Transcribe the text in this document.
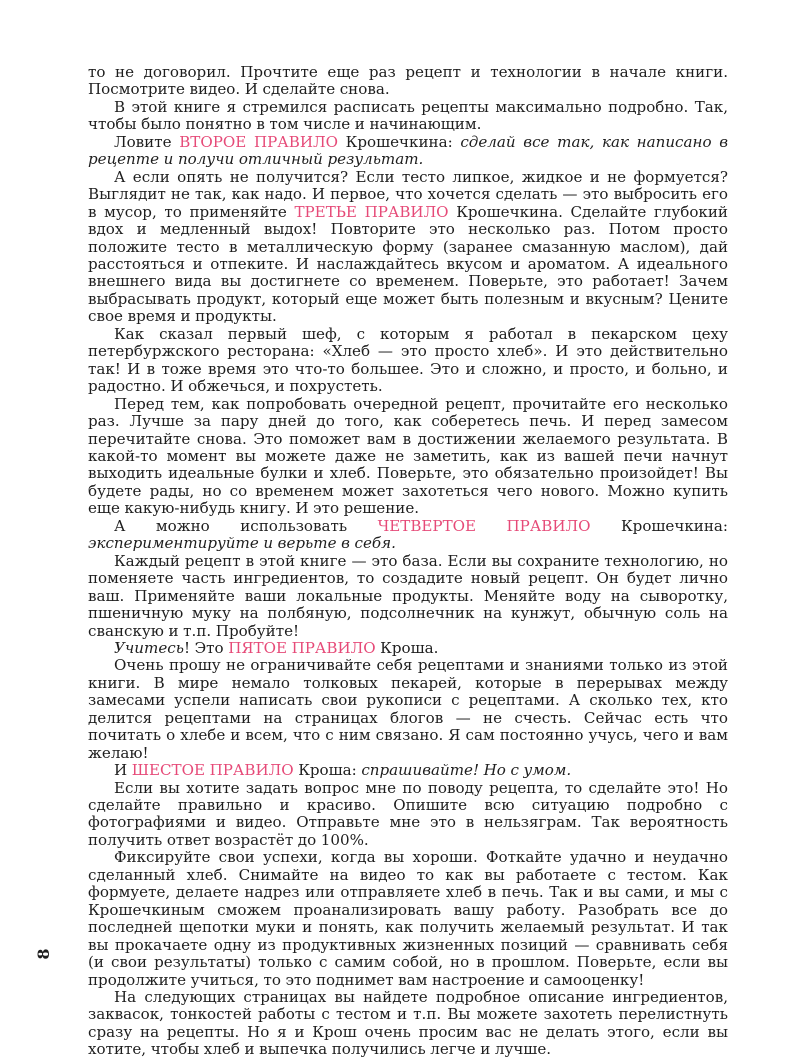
то не договорил. Прочтите еще раз рецепт и технологии в начале книги. Посмотрите видео. И сделайте снова.

В этой книге я стремился расписать рецепты максимально подробно. Так, чтобы было понятно в том числе и начинающим.

Ловите ВТОРОЕ ПРАВИЛО Крошечкина: сделай все так, как написано в рецепте и получи отличный результат.

А если опять не получится? Если тесто липкое, жидкое и не формуется? Выглядит не так, как надо. И первое, что хочется сделать — это выбросить его в мусор, то применяйте ТРЕТЬЕ ПРАВИЛО Крошечкина. Сделайте глубокий вдох и медленный выдох! Повторите это несколько раз. Потом просто положите тесто в металлическую форму (заранее смазанную маслом), дай расстояться и отпеките. И наслаждайтесь вкусом и ароматом. А идеального внешнего вида вы достигнете со временем. Поверьте, это работает! Зачем выбрасывать продукт, который еще может быть полезным и вкусным? Цените свое время и продукты.

Как сказал первый шеф, с которым я работал в пекарском цеху петербуржского ресторана: «Хлеб — это просто хлеб». И это действительно так! И в тоже время это что-то большее. Это и сложно, и просто, и больно, и радостно. И обжечься, и похрустеть.

Перед тем, как попробовать очередной рецепт, прочитайте его несколько раз. Лучше за пару дней до того, как соберетесь печь. И перед замесом перечитайте снова. Это поможет вам в достижении желаемого результата. В какой-то момент вы можете даже не заметить, как из вашей печи начнут выходить идеальные булки и хлеб. Поверьте, это обязательно произойдет! Вы будете рады, но со временем может захотеться чего нового. Можно купить еще какую-нибудь книгу. И это решение.

А можно использовать ЧЕТВЕРТОЕ ПРАВИЛО Крошечкина: экспериментируйте и верьте в себя.

Каждый рецепт в этой книге — это база. Если вы сохраните технологию, но поменяете часть ингредиентов, то создадите новый рецепт. Он будет лично ваш. Применяйте ваши локальные продукты. Меняйте воду на сыворотку, пшеничную муку на полбяную, подсолнечник на кунжут, обычную соль на сванскую и т.п. Пробуйте!

Учитесь! Это ПЯТОЕ ПРАВИЛО Кроша.

Очень прошу не ограничивайте себя рецептами и знаниями только из этой книги. В мире немало толковых пекарей, которые в перерывах между замесами успели написать свои рукописи с рецептами. А сколько тех, кто делится рецептами на страницах блогов — не счесть. Сейчас есть что почитать о хлебе и всем, что с ним связано. Я сам постоянно учусь, чего и вам желаю!

И ШЕСТОЕ ПРАВИЛО Кроша: спрашивайте! Но с умом.

Если вы хотите задать вопрос мне по поводу рецепта, то сделайте это! Но сделайте правильно и красиво. Опишите всю ситуацию подробно с фотографиями и видео. Отправьте мне это в нельзяграм. Так вероятность получить ответ возрастёт до 100%.

Фиксируйте свои успехи, когда вы хороши. Фоткайте удачно и неудачно сделанный хлеб. Снимайте на видео то как вы работаете с тестом. Как формуете, делаете надрез или отправляете хлеб в печь. Так и вы сами, и мы с Крошечкиным сможем проанализировать вашу работу. Разобрать все до последней щепотки муки и понять, как получить желаемый результат. И так вы прокачаете одну из продуктивных жизненных позиций — сравнивать себя (и свои результаты) только с самим собой, но в прошлом. Поверьте, если вы продолжите учиться, то это поднимет вам настроение и самооценку!

На следующих страницах вы найдете подробное описание ингредиентов, заквасок, тонкостей работы с тестом и т.п. Вы можете захотеть перелистнуть сразу на рецепты. Но я и Крош очень просим вас не делать этого, если вы хотите, чтобы хлеб и выпечка получились легче и лучше.

8
